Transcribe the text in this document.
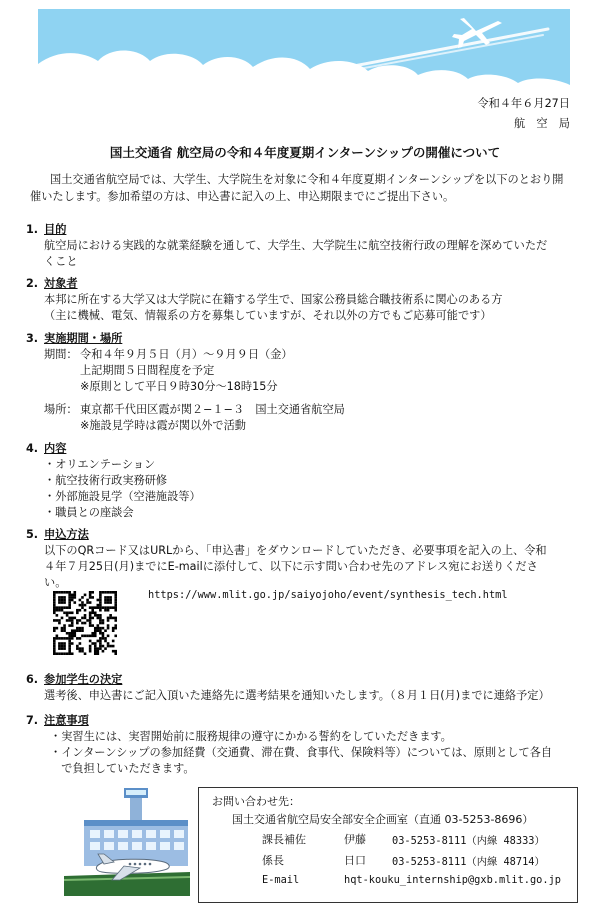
令和４年６月27日
航　空　局
国土交通省 航空局の令和４年度夏期インターンシップの開催について
国土交通省航空局では、大学生、大学院生を対象に令和４年度夏期インターンシップを以下のとおり開
催いたします。参加希望の方は、申込書に記入の上、申込期限までにご提出下さい。
1. 目的
航空局における実践的な就業経験を通して、大学生、大学院生に航空技術行政の理解を深めていただ
くこと
2. 対象者
本邦に所在する大学又は大学院に在籍する学生で、国家公務員総合職技術系に関心のある方
（主に機械、電気、情報系の方を募集していますが、それ以外の方でもご応募可能です）
3. 実施期間・場所
期間： 令和４年９月５日（月）～９月９日（金）
上記期間５日間程度を予定
※原則として平日９時30分～18時15分
場所： 東京都千代田区霞が関２−１−３　国土交通省航空局
※施設見学時は霞が関以外で活動
4. 内容
・オリエンテーション
・航空技術行政実務研修
・外部施設見学（空港施設等）
・職員との座談会
5. 申込方法
以下のQRコード又はURLから、「申込書」をダウンロードしていただき、必要事項を記入の上、令和
４年７月25日(月)までにE-mailに添付して、以下に示す問い合わせ先のアドレス宛にお送りくださ
い。
https://www.mlit.go.jp/saiyojoho/event/synthesis_tech.html
6. 参加学生の決定
選考後、申込書にご記入頂いた連絡先に選考結果を通知いたします。（８月１日(月)までに連絡予定）
7. 注意事項
・実習生には、実習開始前に服務規律の遵守にかかる誓約をしていただきます。
・インターンシップの参加経費（交通費、滞在費、食事代、保険料等）については、原則として各自
　で負担していただきます。
お問い合わせ先：
国土交通省航空局安全部安全企画室（直通 03-5253-8696）
課長補佐	伊藤	03-5253-8111（内線 48333）
係長	日口	03-5253-8111（内線 48714）
E-mail	hqt-kouku_internship@gxb.mlit.go.jp
